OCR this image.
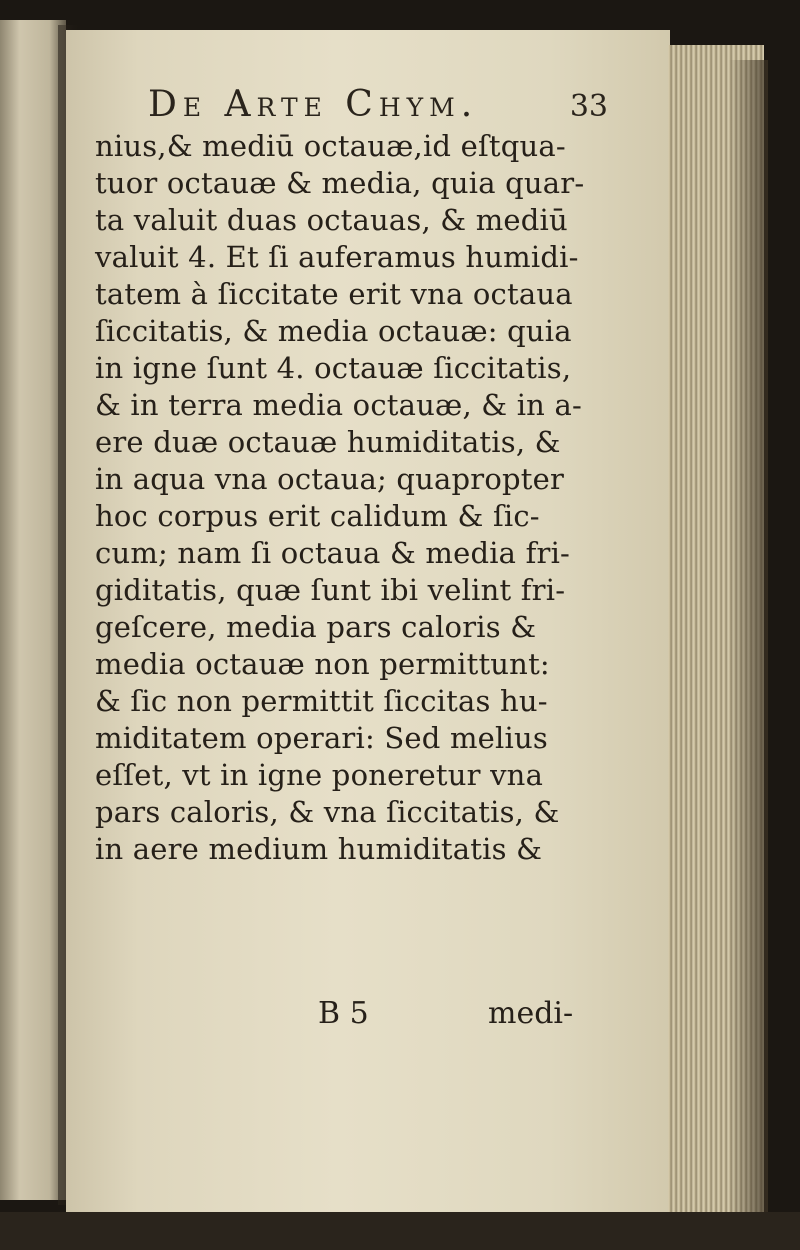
De Arte Chym.	33
nius,& mediū octauæ,id eſtqua-
tuor octauæ & media, quia quar-
ta valuit duas octauas, & mediū
valuit 4. Et ſi auferamus humidi-
tatem à ſiccitate erit vna octaua
ſiccitatis, & media octauæ: quia
in igne ſunt 4. octauæ ſiccitatis,
& in terra media octauæ, & in a-
ere duæ octauæ humiditatis, &
in aqua vna octaua; quapropter
hoc corpus erit calidum & ſic-
cum; nam ſi octaua & media fri-
giditatis, quæ ſunt ibi velint fri-
geſcere, media pars caloris &
media octauæ non permittunt:
& ſic non permittit ſiccitas hu-
miditatem operari: Sed melius
eſſet, vt in igne poneretur vna
pars caloris, & vna ſiccitatis, &
in aere medium humiditatis &
B 5	medi-
